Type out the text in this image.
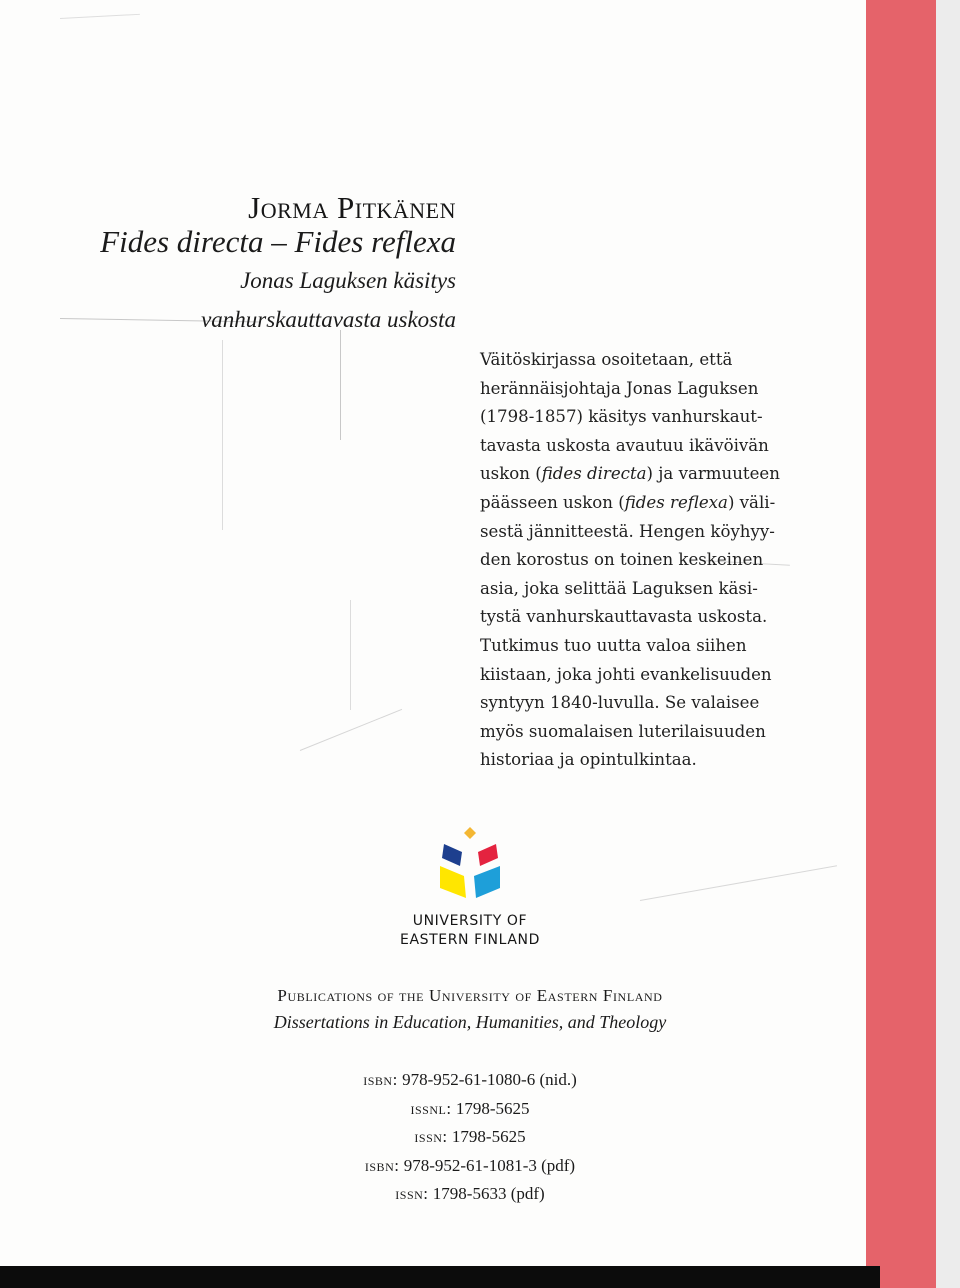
Jorma Pitkänen
Fides directa – Fides reflexa
Jonas Laguksen käsitys
vanhurskauttavasta uskosta
Väitöskirjassa osoitetaan, että
herännäisjohtaja Jonas Laguksen
(1798-1857) käsitys vanhurskaut-
tavasta uskosta avautuu ikävöivän
uskon (fides directa) ja varmuuteen
päässeen uskon (fides reflexa) väli-
sestä jännitteestä. Hengen köyhyy-
den korostus on toinen keskeinen
asia, joka selittää Laguksen käsi-
tystä vanhurskauttavasta uskosta.
Tutkimus tuo uutta valoa siihen
kiistaan, joka johti evankelisuuden
syntyyn 1840-luvulla. Se valaisee
myös suomalaisen luterilaisuuden
historiaa ja opintulkintaa.
UNIVERSITY OF
EASTERN FINLAND
Publications of the University of Eastern Finland
Dissertations in Education, Humanities, and Theology
isbn: 978-952-61-1080-6 (nid.)
issnl: 1798-5625
issn: 1798-5625
isbn: 978-952-61-1081-3 (pdf)
issn: 1798-5633 (pdf)
